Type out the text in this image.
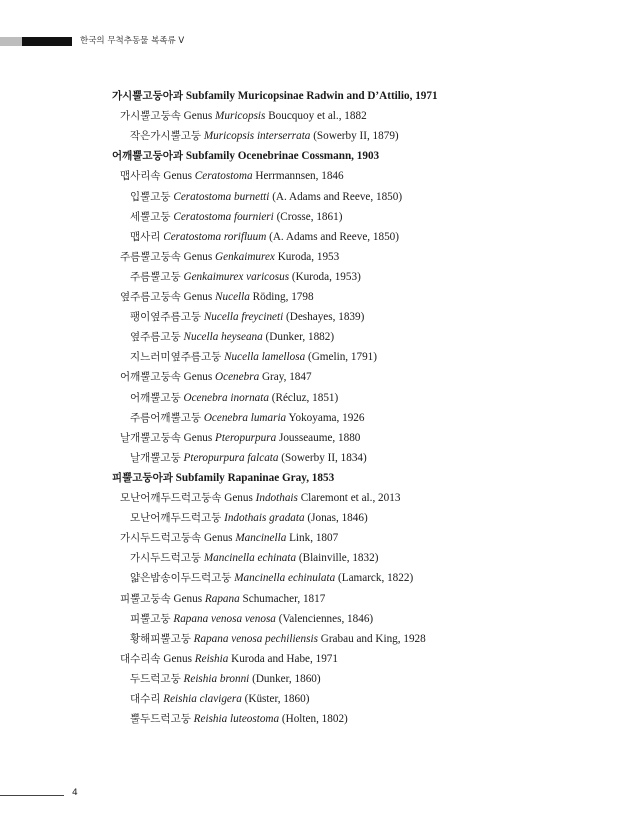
한국의 무척추동물 복족류 V
가시뿔고둥아과 Subfamily Muricopsinae Radwin and D’Attilio, 1971
가시뿔고둥속 Genus Muricopsis Boucquoy et al., 1882
작은가시뿔고둥 Muricopsis interserrata (Sowerby II, 1879)
어깨뿔고둥아과 Subfamily Ocenebrinae Cossmann, 1903
맵사리속 Genus Ceratostoma Herrmannsen, 1846
입뿔고둥 Ceratostoma burnetti (A. Adams and Reeve, 1850)
세뿔고둥 Ceratostoma fournieri (Crosse, 1861)
맵사리 Ceratostoma rorifluum (A. Adams and Reeve, 1850)
주름뿔고둥속 Genus Genkaimurex Kuroda, 1953
주름뿔고둥 Genkaimurex varicosus (Kuroda, 1953)
옆주름고둥속 Genus Nucella Röding, 1798
팽이옆주름고둥 Nucella freycineti (Deshayes, 1839)
옆주름고둥 Nucella heyseana (Dunker, 1882)
지느러미옆주름고둥 Nucella lamellosa (Gmelin, 1791)
어깨뿔고둥속 Genus Ocenebra Gray, 1847
어깨뿔고둥 Ocenebra inornata (Récluz, 1851)
주름어깨뿔고둥 Ocenebra lumaria Yokoyama, 1926
날개뿔고둥속 Genus Pteropurpura Jousseaume, 1880
날개뿔고둥 Pteropurpura falcata (Sowerby II, 1834)
피뿔고둥아과 Subfamily Rapaninae Gray, 1853
모난어깨두드럭고둥속 Genus Indothais Claremont et al., 2013
모난어깨두드럭고둥 Indothais gradata (Jonas, 1846)
가시두드럭고둥속 Genus Mancinella Link, 1807
가시두드럭고둥 Mancinella echinata (Blainville, 1832)
얇은밤송이두드럭고둥 Mancinella echinulata (Lamarck, 1822)
피뿔고둥속 Genus Rapana Schumacher, 1817
피뿔고둥 Rapana venosa venosa (Valenciennes, 1846)
황해피뿔고둥 Rapana venosa pechiliensis Grabau and King, 1928
대수리속 Genus Reishia Kuroda and Habe, 1971
두드럭고둥 Reishia bronni (Dunker, 1860)
대수리 Reishia clavigera (Küster, 1860)
뿔두드럭고둥 Reishia luteostoma (Holten, 1802)
4
